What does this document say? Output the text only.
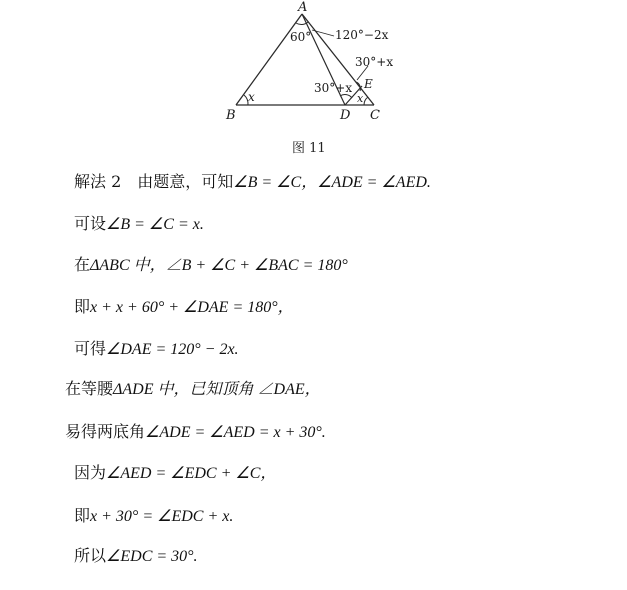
A
B	C
D
E
60° 120°−2x
30°+x
30°+x
x	x
图 11
解法 2　由题意，可知∠B = ∠C，∠ADE = ∠AED.
可设∠B = ∠C = x.
在ΔABC 中，∠B + ∠C + ∠BAC = 180°
即x + x + 60° + ∠DAE = 180°，
可得∠DAE = 120° − 2x.
在等腰ΔADE 中，已知顶角 ∠DAE，
易得两底角∠ADE = ∠AED = x + 30°.
因为∠AED = ∠EDC + ∠C，
即x + 30° = ∠EDC + x.
所以∠EDC = 30°.
